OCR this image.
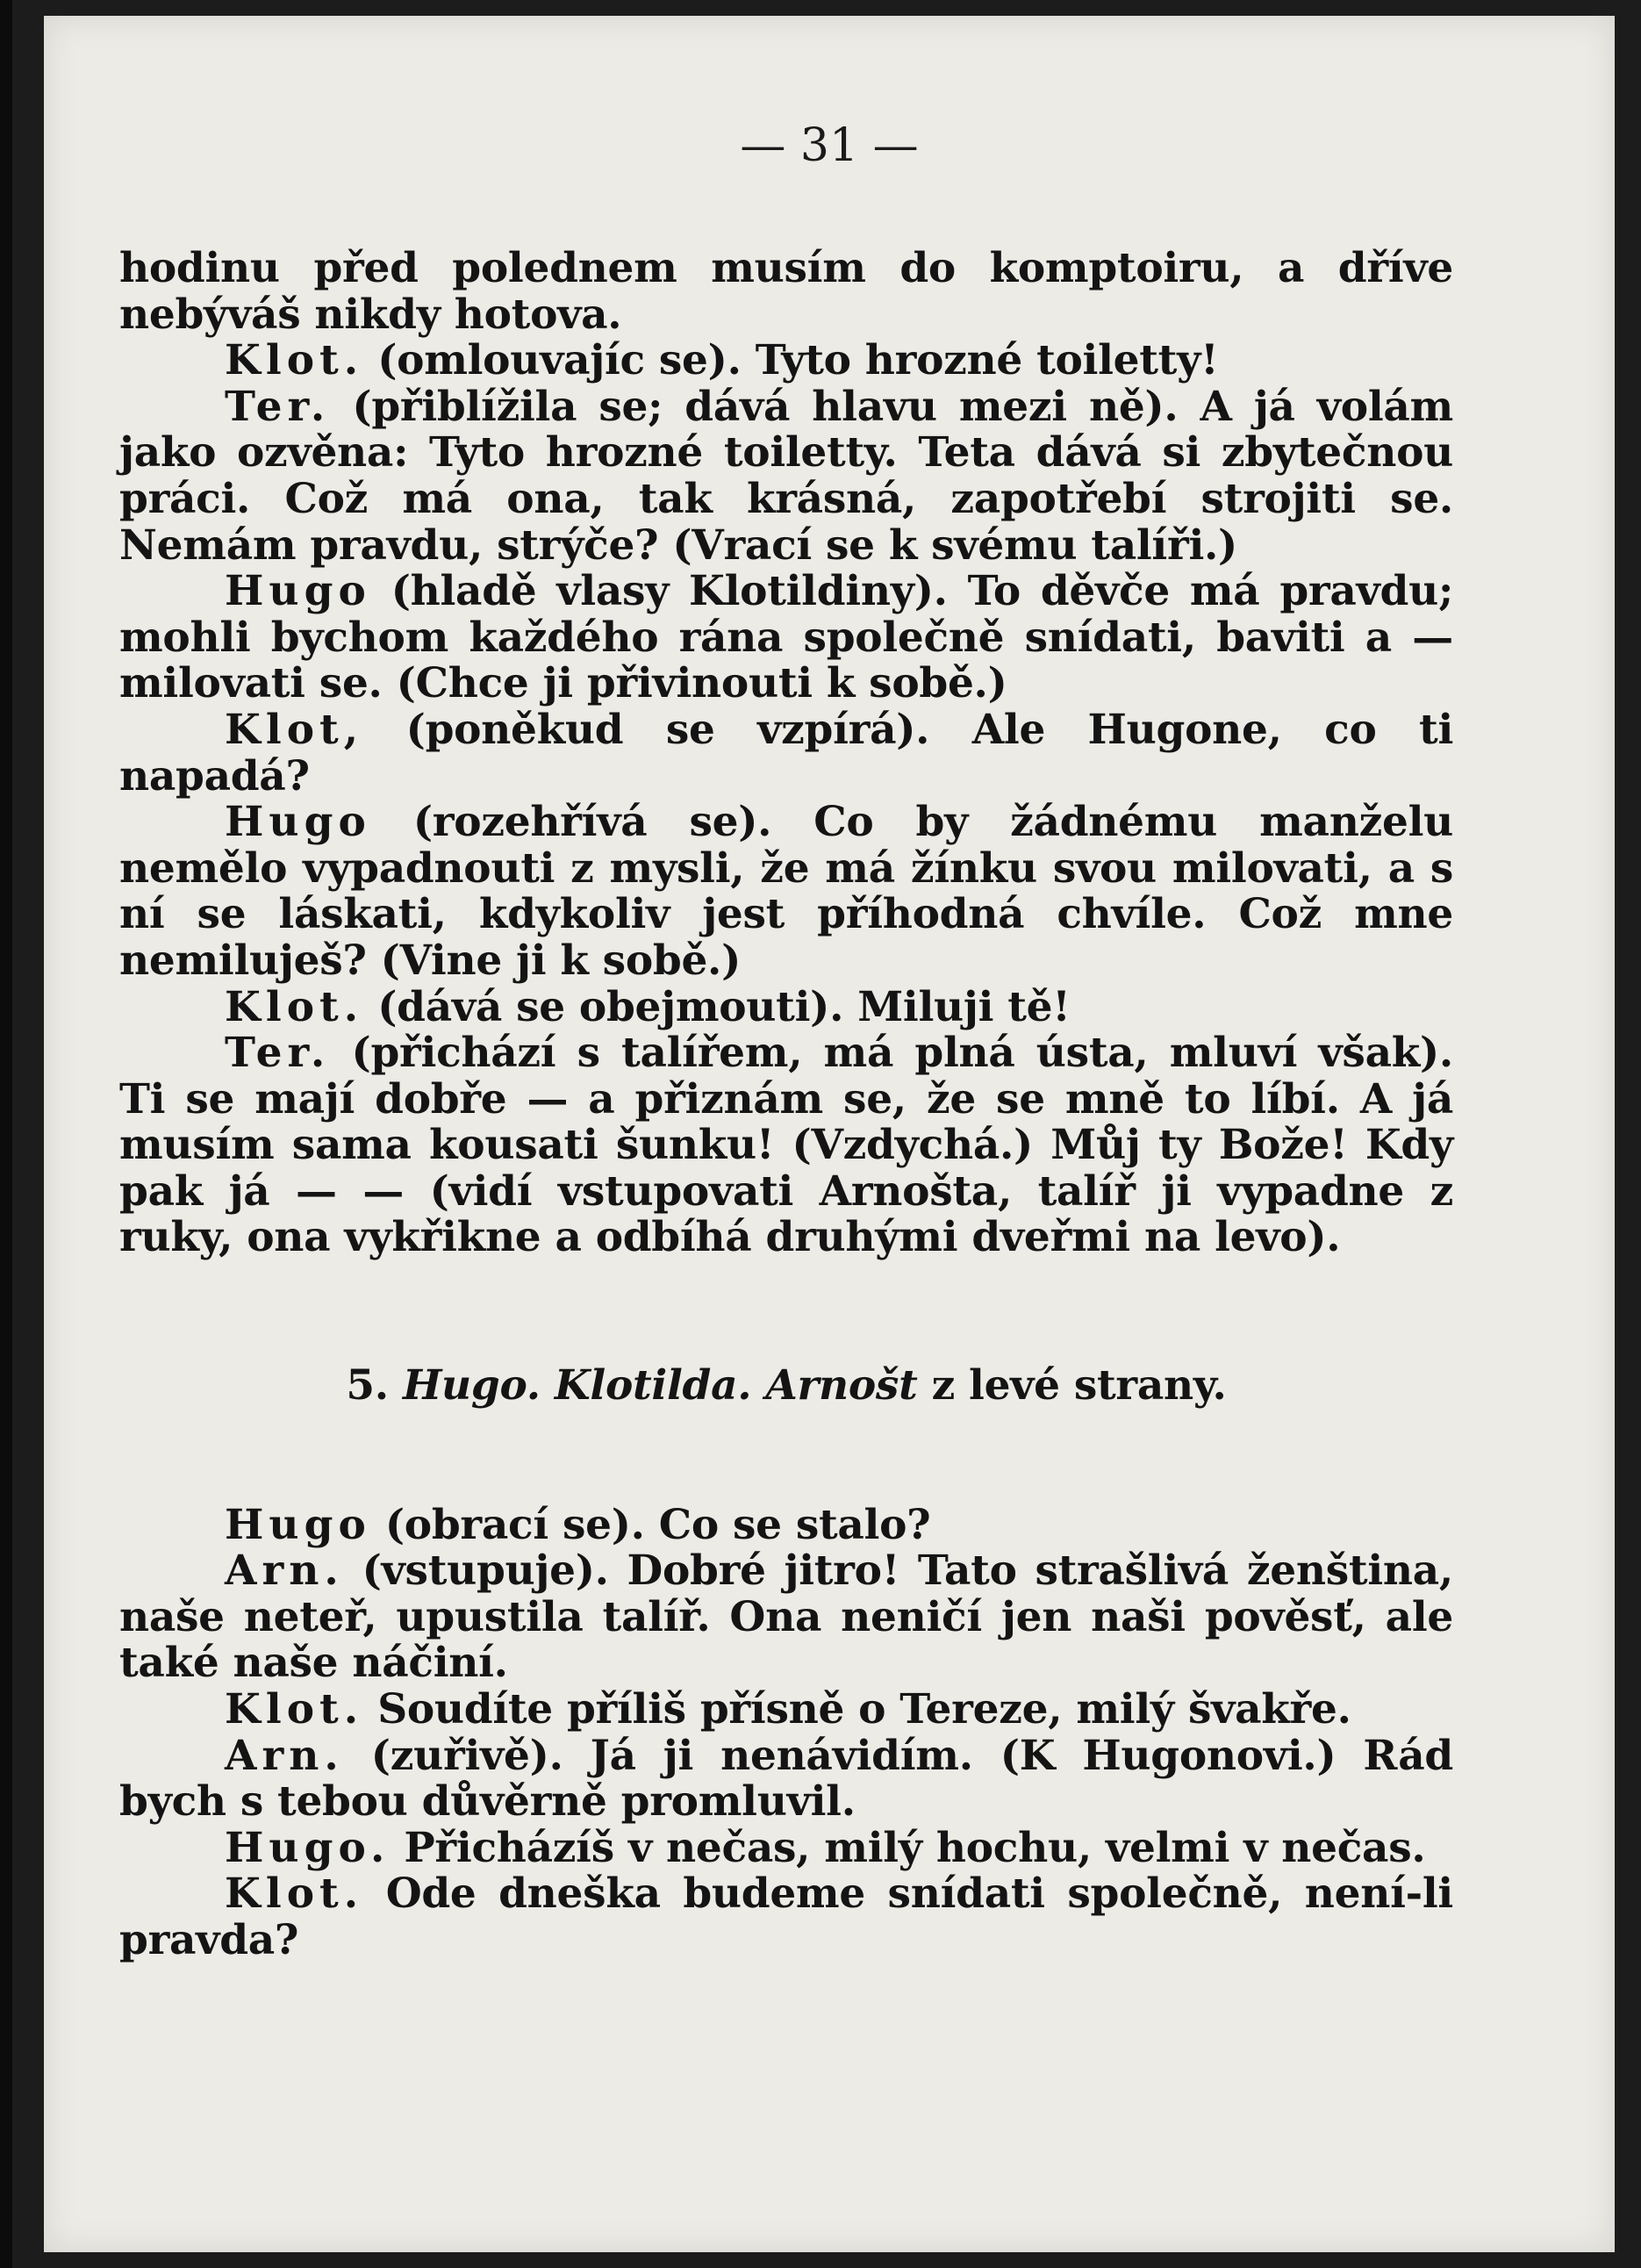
— 31 —

hodinu před polednem musím do komptoiru, a dříve nebýváš nikdy hotova.

Klot. (omlouvajíc se). Tyto hrozné toiletty!

Ter. (přiblížila se; dává hlavu mezi ně). A já volám jako ozvěna: Tyto hrozné toiletty. Teta dává si zbytečnou práci. Což má ona, tak krásná, zapotřebí strojiti se. Nemám pravdu, strýče? (Vrací se k svému talíři.)

Hugo (hladě vlasy Klotildiny). To děvče má pravdu; mohli bychom každého rána společně snídati, baviti a — milovati se. (Chce ji přivinouti k sobě.)

Klot, (poněkud se vzpírá). Ale Hugone, co ti napadá?

Hugo (rozehřívá se). Co by žádnému manželu nemělo vypadnouti z mysli, že má žínku svou milovati, a s ní se láskati, kdykoliv jest příhodná chvíle. Což mne nemiluješ? (Vine ji k sobě.)

Klot. (dává se obejmouti). Miluji tě!

Ter. (přichází s talířem, má plná ústa, mluví však). Ti se mají dobře — a přiznám se, že se mně to líbí. A já musím sama kousati šunku! (Vzdychá.) Můj ty Bože! Kdy pak já — — (vidí vstupovati Arnošta, talíř ji vypadne z ruky, ona vykřikne a odbíhá druhými dveřmi na levo).

5. Hugo. Klotilda. Arnošt z levé strany.

Hugo (obrací se). Co se stalo?

Arn. (vstupuje). Dobré jitro! Tato strašlivá ženština, naše neteř, upustila talíř. Ona neničí jen naši pověsť, ale také naše náčiní.

Klot. Soudíte příliš přísně o Tereze, milý švakře.

Arn. (zuřivě). Já ji nenávidím. (K Hugonovi.) Rád bych s tebou důvěrně promluvil.

Hugo. Přicházíš v nečas, milý hochu, velmi v nečas.

Klot. Ode dneška budeme snídati společně, není-li pravda?
